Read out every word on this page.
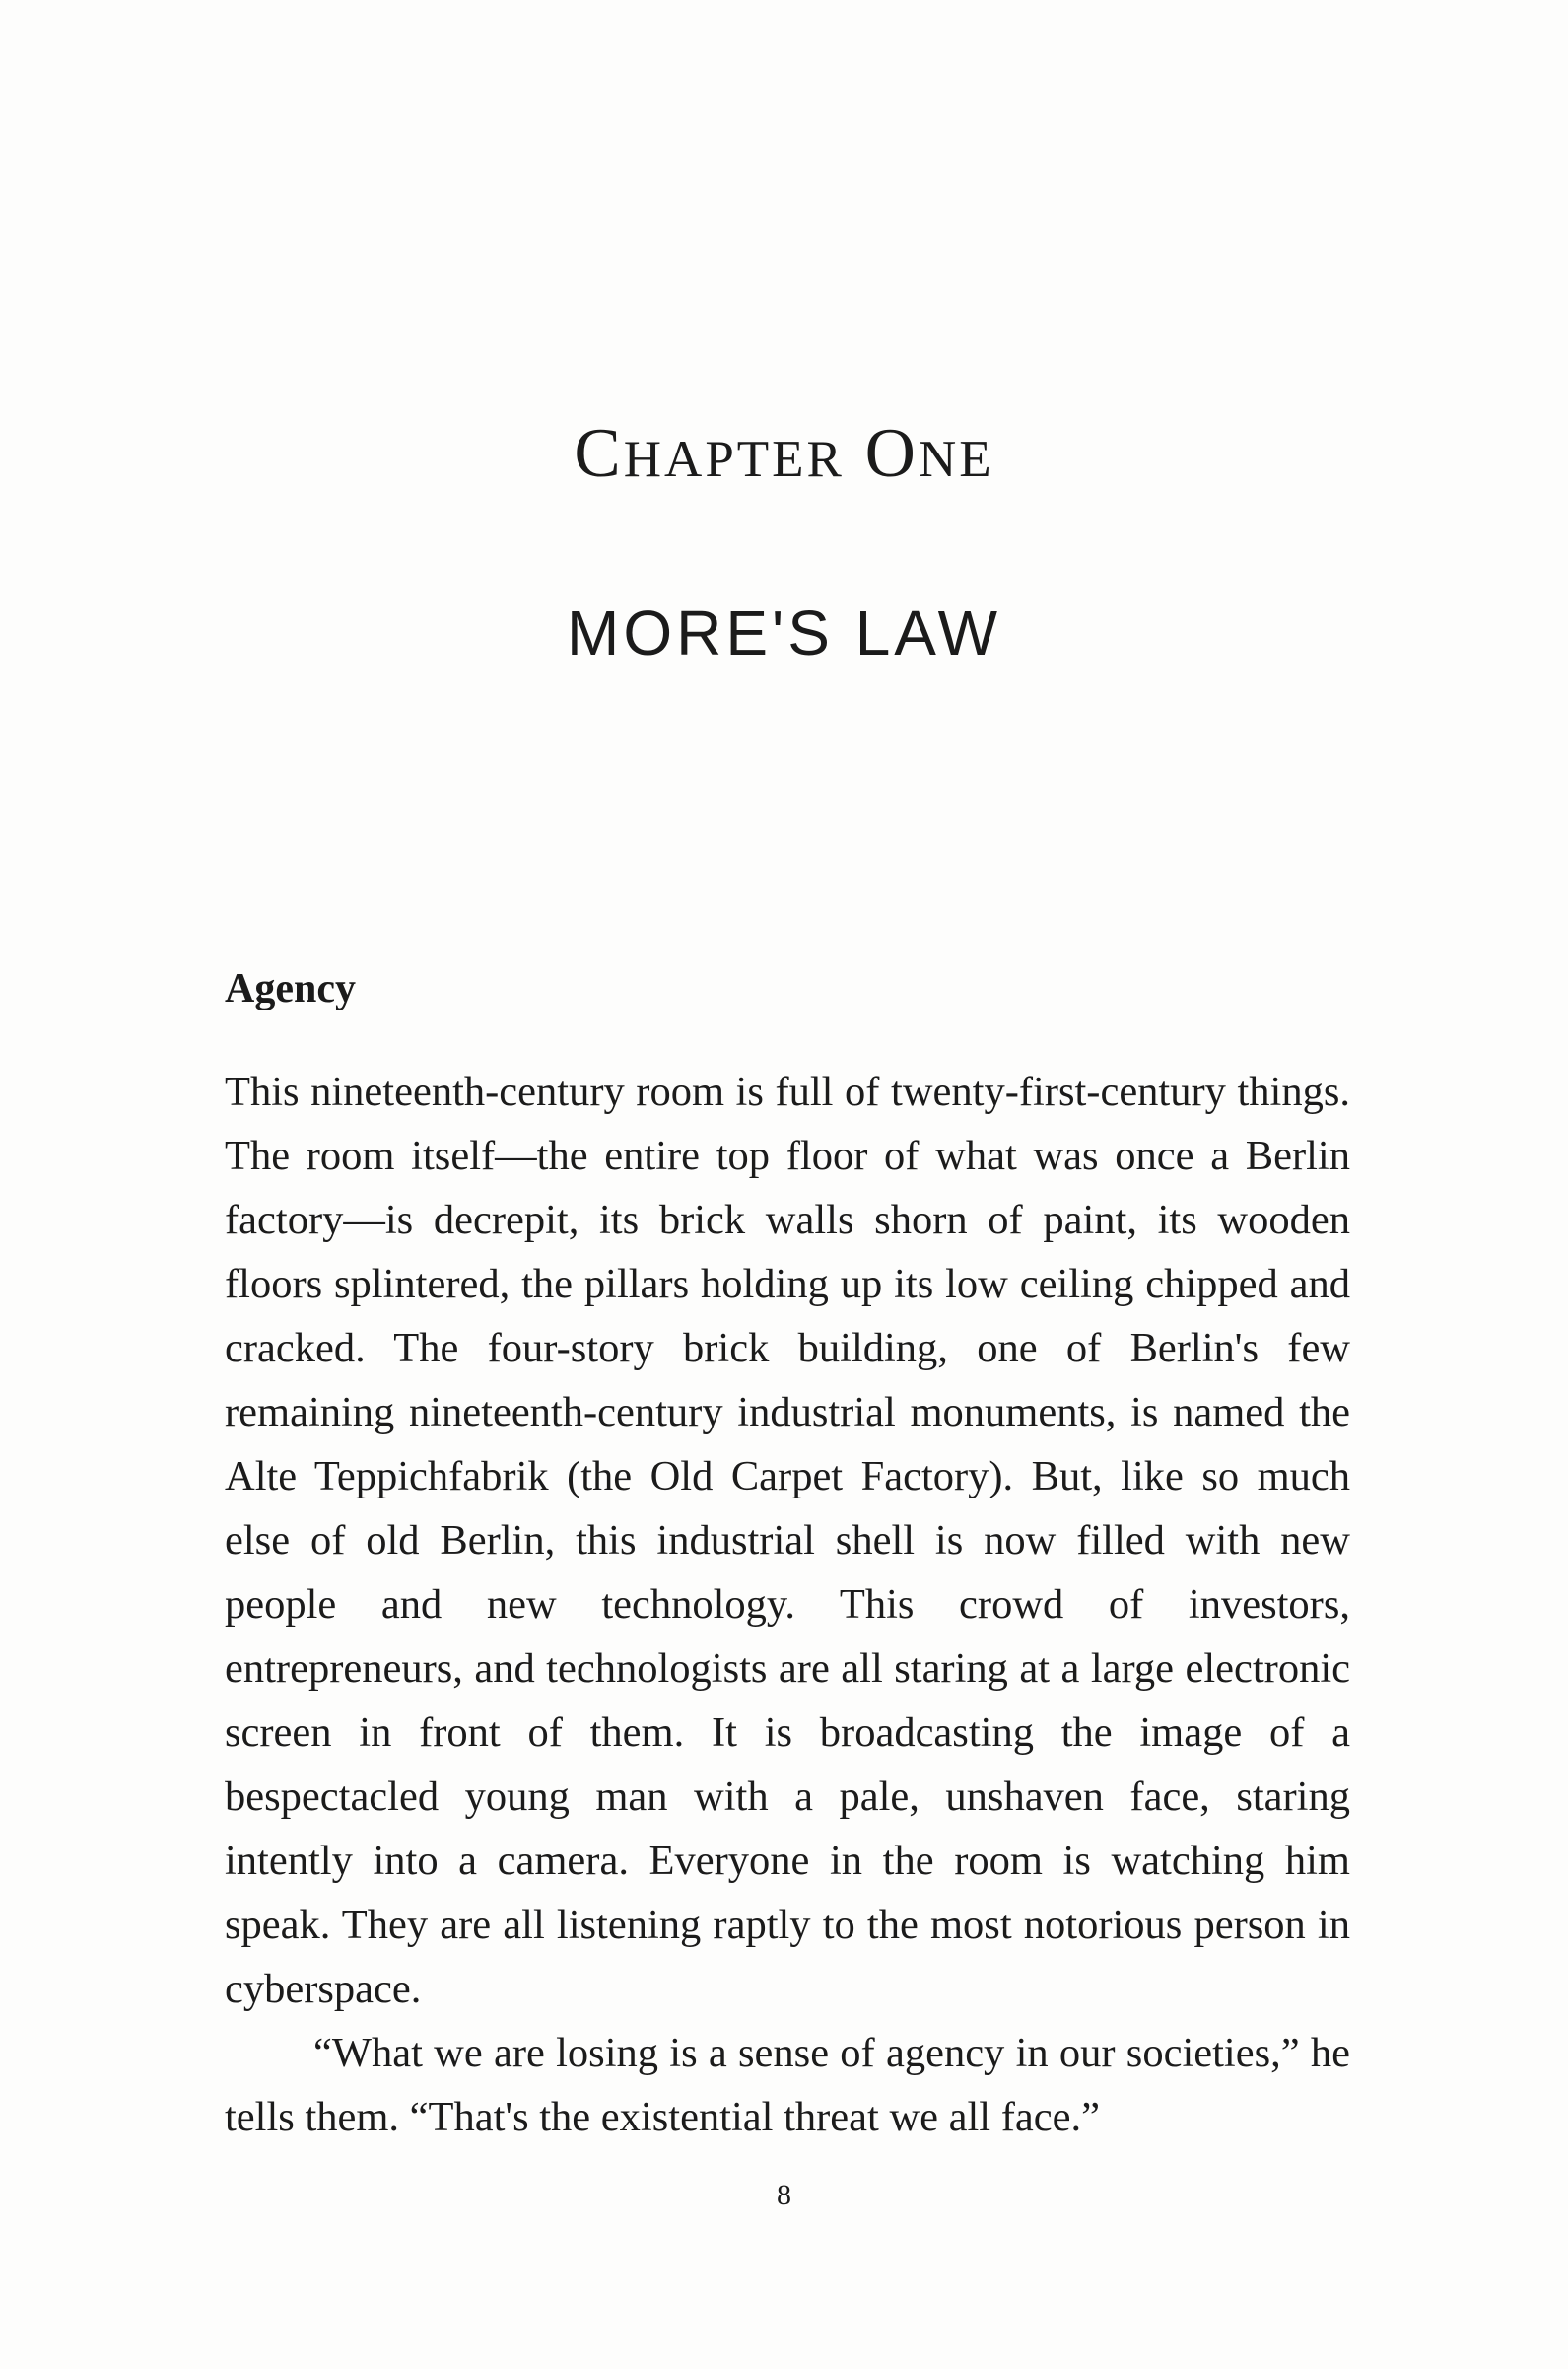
CHAPTER ONE
MORE'S LAW
Agency

This nineteenth-century room is full of twenty-first-century things. The room itself—the entire top floor of what was once a Berlin factory—is decrepit, its brick walls shorn of paint, its wooden floors splintered, the pillars holding up its low ceiling chipped and cracked. The four-story brick building, one of Berlin's few remaining nineteenth-century industrial monuments, is named the Alte Teppichfabrik (the Old Carpet Factory). But, like so much else of old Berlin, this industrial shell is now filled with new people and new technology. This crowd of investors, entrepreneurs, and technologists are all staring at a large electronic screen in front of them. It is broadcasting the image of a bespectacled young man with a pale, unshaven face, staring intently into a camera. Everyone in the room is watching him speak. They are all listening raptly to the most notorious person in cyberspace.

“What we are losing is a sense of agency in our societies,” he tells them. “That's the existential threat we all face.”

8
